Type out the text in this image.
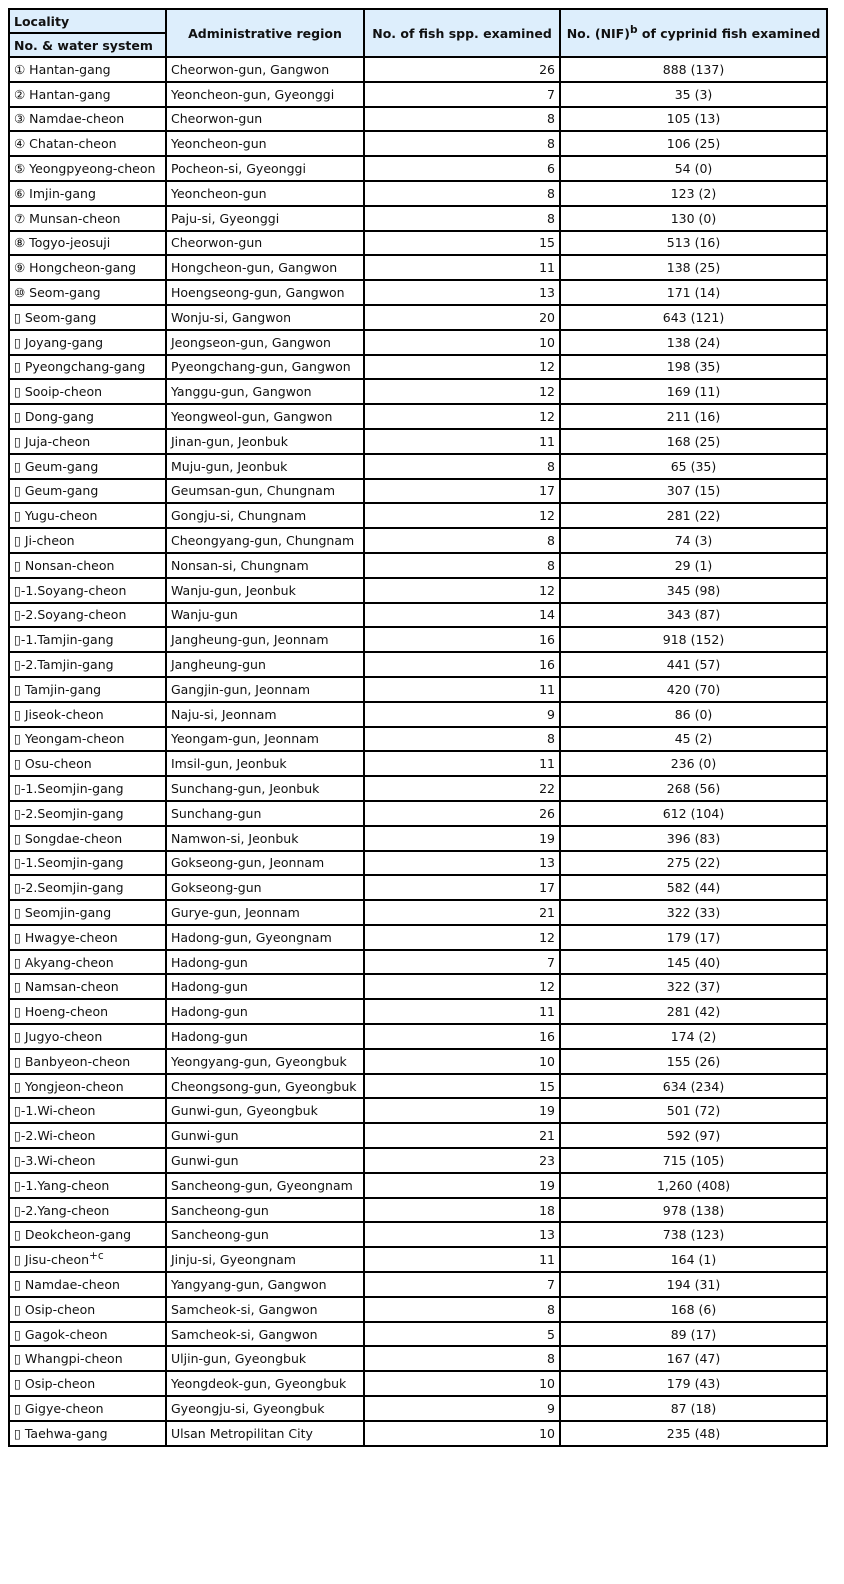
Locality	Administrative region	No. of fish spp. examined	No. (NIF)$^b$ of cyprinid fish examined
No. & water system			
① Hantan-gang	Cheorwon-gun, Gangwon	26	888 (137)
② Hantan-gang	Yeoncheon-gun, Gyeonggi	7	35 (3)
③ Namdae-cheon	Cheorwon-gun	8	105 (13)
④ Chatan-cheon	Yeoncheon-gun	8	106 (25)
⑤ Yeongpyeong-cheon	Pocheon-si, Gyeonggi	6	54 (0)
⑥ Imjin-gang	Yeoncheon-gun	8	123 (2)
⑦ Munsan-cheon	Paju-si, Gyeonggi	8	130 (0)
⑧ Togyo-jeosuji	Cheorwon-gun	15	513 (16)
⑨ Hongcheon-gang	Hongcheon-gun, Gangwon	11	138 (25)
⑩ Seom-gang	Hoengseong-gun, Gangwon	13	171 (14)
▯ Seom-gang	Wonju-si, Gangwon	20	643 (121)
▯ Joyang-gang	Jeongseon-gun, Gangwon	10	138 (24)
▯ Pyeongchang-gang	Pyeongchang-gun, Gangwon	12	198 (35)
▯ Sooip-cheon	Yanggu-gun, Gangwon	12	169 (11)
▯ Dong-gang	Yeongweol-gun, Gangwon	12	211 (16)
▯ Juja-cheon	Jinan-gun, Jeonbuk	11	168 (25)
▯ Geum-gang	Muju-gun, Jeonbuk	8	65 (35)
▯ Geum-gang	Geumsan-gun, Chungnam	17	307 (15)
▯ Yugu-cheon	Gongju-si, Chungnam	12	281 (22)
▯ Ji-cheon	Cheongyang-gun, Chungnam	8	74 (3)
▯ Nonsan-cheon	Nonsan-si, Chungnam	8	29 (1)
▯-1.Soyang-cheon	Wanju-gun, Jeonbuk	12	345 (98)
▯-2.Soyang-cheon	Wanju-gun	14	343 (87)
▯-1.Tamjin-gang	Jangheung-gun, Jeonnam	16	918 (152)
▯-2.Tamjin-gang	Jangheung-gun	16	441 (57)
▯ Tamjin-gang	Gangjin-gun, Jeonnam	11	420 (70)
▯ Jiseok-cheon	Naju-si, Jeonnam	9	86 (0)
▯ Yeongam-cheon	Yeongam-gun, Jeonnam	8	45 (2)
▯ Osu-cheon	Imsil-gun, Jeonbuk	11	236 (0)
▯-1.Seomjin-gang	Sunchang-gun, Jeonbuk	22	268 (56)
▯-2.Seomjin-gang	Sunchang-gun	26	612 (104)
▯ Songdae-cheon	Namwon-si, Jeonbuk	19	396 (83)
▯-1.Seomjin-gang	Gokseong-gun, Jeonnam	13	275 (22)
▯-2.Seomjin-gang	Gokseong-gun	17	582 (44)
▯ Seomjin-gang	Gurye-gun, Jeonnam	21	322 (33)
▯ Hwagye-cheon	Hadong-gun, Gyeongnam	12	179 (17)
▯ Akyang-cheon	Hadong-gun	7	145 (40)
▯ Namsan-cheon	Hadong-gun	12	322 (37)
▯ Hoeng-cheon	Hadong-gun	11	281 (42)
▯ Jugyo-cheon	Hadong-gun	16	174 (2)
▯ Banbyeon-cheon	Yeongyang-gun, Gyeongbuk	10	155 (26)
▯ Yongjeon-cheon	Cheongsong-gun, Gyeongbuk	15	634 (234)
▯-1.Wi-cheon	Gunwi-gun, Gyeongbuk	19	501 (72)
▯-2.Wi-cheon	Gunwi-gun	21	592 (97)
▯-3.Wi-cheon	Gunwi-gun	23	715 (105)
▯-1.Yang-cheon	Sancheong-gun, Gyeongnam	19	1,260 (408)
▯-2.Yang-cheon	Sancheong-gun	18	978 (138)
▯ Deokcheon-gang	Sancheong-gun	13	738 (123)
▯ Jisu-cheon$^{+c}$	Jinju-si, Gyeongnam	11	164 (1)
▯ Namdae-cheon	Yangyang-gun, Gangwon	7	194 (31)
▯ Osip-cheon	Samcheok-si, Gangwon	8	168 (6)
▯ Gagok-cheon	Samcheok-si, Gangwon	5	89 (17)
▯ Whangpi-cheon	Uljin-gun, Gyeongbuk	8	167 (47)
▯ Osip-cheon	Yeongdeok-gun, Gyeongbuk	10	179 (43)
▯ Gigye-cheon	Gyeongju-si, Gyeongbuk	9	87 (18)
▯ Taehwa-gang	Ulsan Metropilitan City	10	235 (48)
